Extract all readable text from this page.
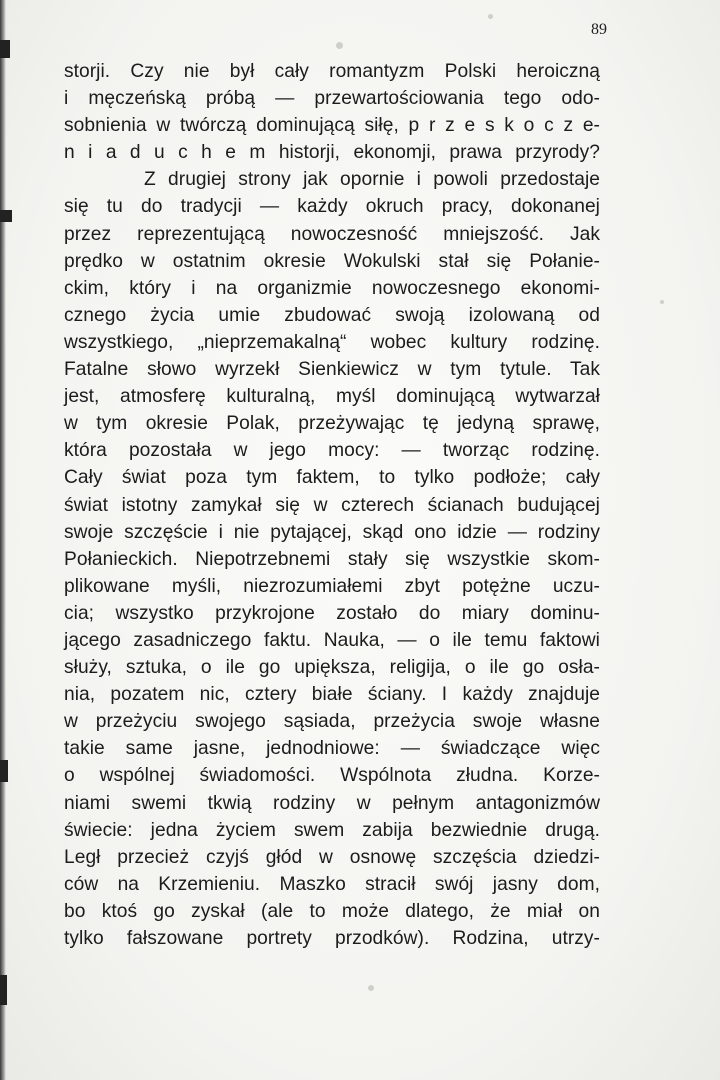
89
storji. Czy nie był cały romantyzm Polski heroiczną
i męczeńską próbą — przewartościowania tego odo-
sobnienia w twórczą dominującą siłę, p r z e s k o c z e-
n i a d u c h e m historji, ekonomji, prawa przyrody?
Z drugiej strony jak opornie i powoli przedostaje
się tu do tradycji — każdy okruch pracy, dokonanej
przez reprezentującą nowoczesność mniejszość. Jak
prędko w ostatnim okresie Wokulski stał się Połanie-
ckim, który i na organizmie nowoczesnego ekonomi-
cznego życia umie zbudować swoją izolowaną od
wszystkiego, „nieprzemakalną“ wobec kultury rodzinę.
Fatalne słowo wyrzekł Sienkiewicz w tym tytule. Tak
jest, atmosferę kulturalną, myśl dominującą wytwarzał
w tym okresie Polak, przeżywając tę jedyną sprawę,
która pozostała w jego mocy: — tworząc rodzinę.
Cały świat poza tym faktem, to tylko podłoże; cały
świat istotny zamykał się w czterech ścianach budującej
swoje szczęście i nie pytającej, skąd ono idzie — rodziny
Połanieckich. Niepotrzebnemi stały się wszystkie skom-
plikowane myśli, niezrozumiałemi zbyt potężne uczu-
cia; wszystko przykrojone zostało do miary dominu-
jącego zasadniczego faktu. Nauka, — o ile temu faktowi
służy, sztuka, o ile go upiększa, religija, o ile go osła-
nia, pozatem nic, cztery białe ściany. I każdy znajduje
w przeżyciu swojego sąsiada, przeżycia swoje własne
takie same jasne, jednodniowe: — świadczące więc
o wspólnej świadomości. Wspólnota złudna. Korze-
niami swemi tkwią rodziny w pełnym antagonizmów
świecie: jedna życiem swem zabija bezwiednie drugą.
Legł przecież czyjś głód w osnowę szczęścia dziedzi-
ców na Krzemieniu. Maszko stracił swój jasny dom,
bo ktoś go zyskał (ale to może dlatego, że miał on
tylko fałszowane portrety przodków). Rodzina, utrzy-
